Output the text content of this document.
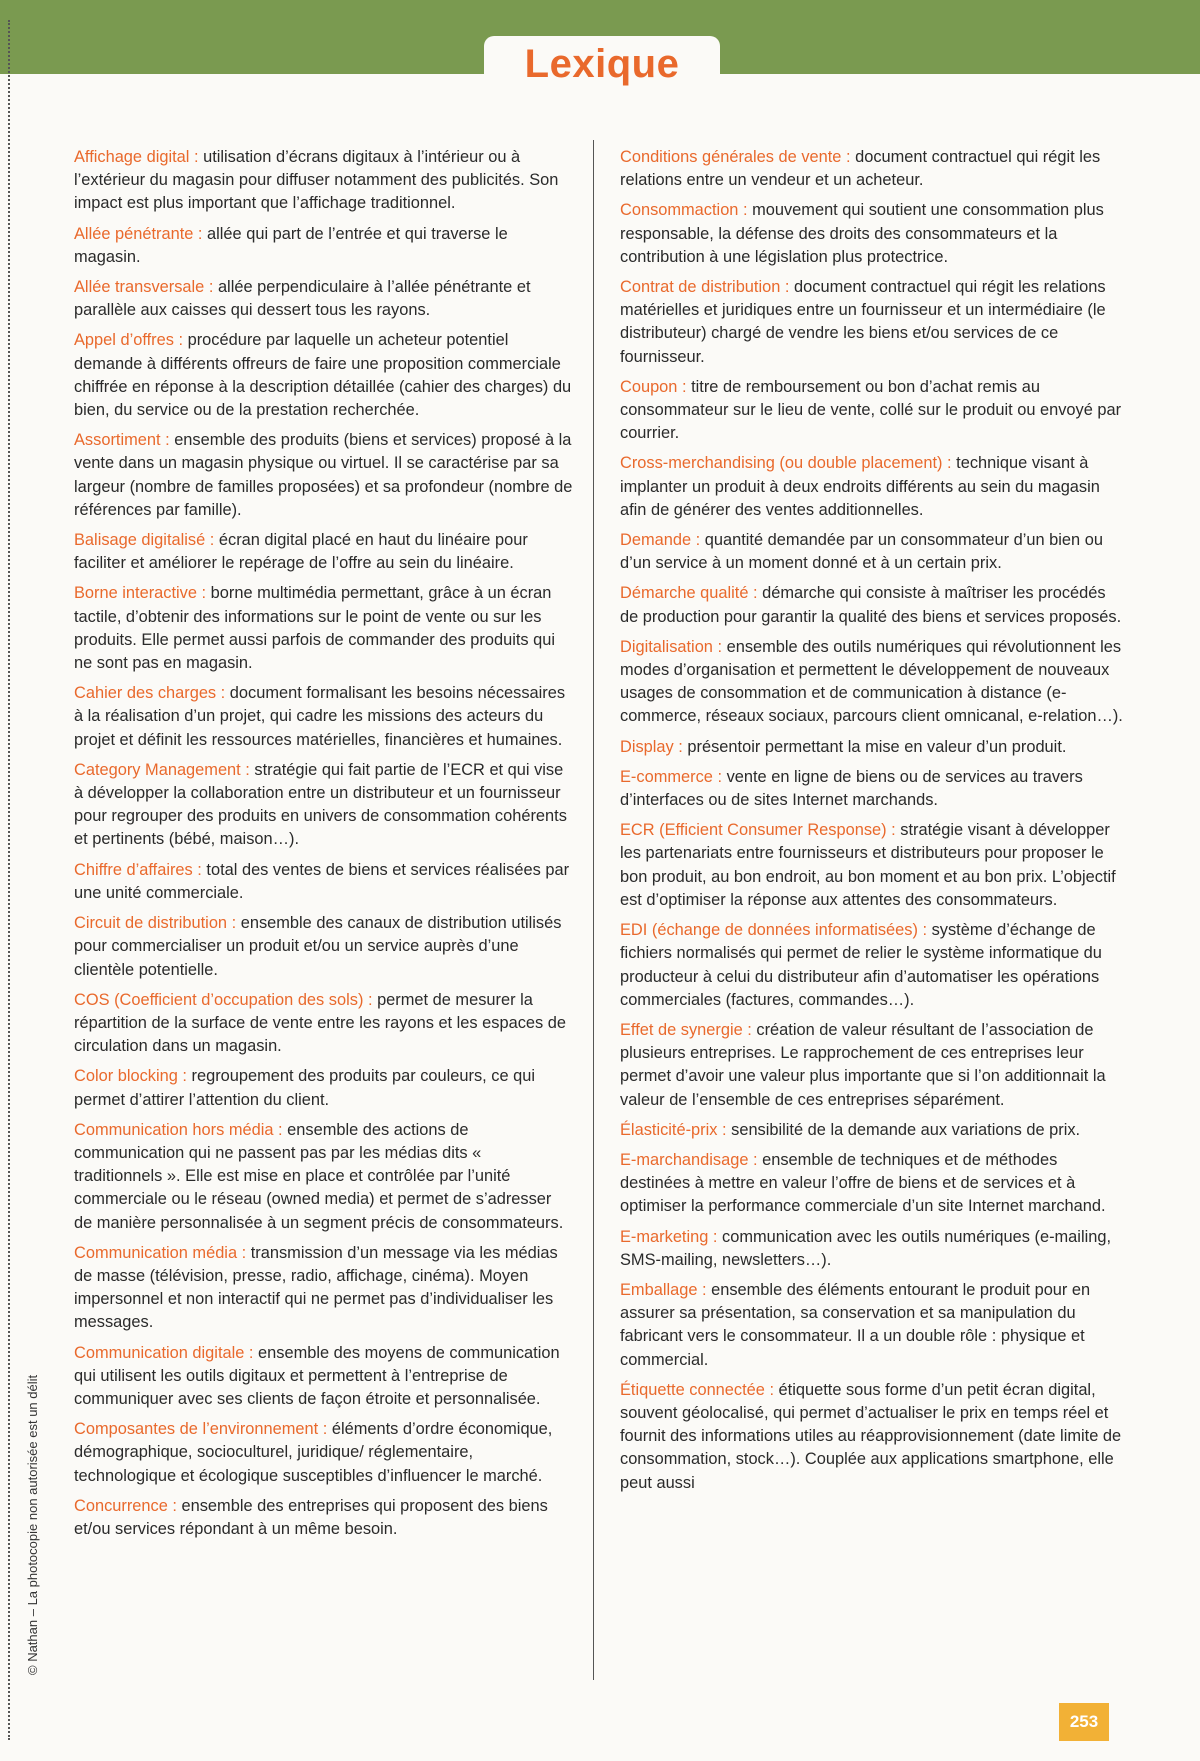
Lexique
© Nathan – La photocopie non autorisée est un délit
Affichage digital : utilisation d’écrans digitaux à l’intérieur ou à l’extérieur du magasin pour diffuser notamment des publicités. Son impact est plus important que l’affichage traditionnel.
Allée pénétrante : allée qui part de l’entrée et qui traverse le magasin.
Allée transversale : allée perpendiculaire à l’allée pénétrante et parallèle aux caisses qui dessert tous les rayons.
Appel d’offres : procédure par laquelle un acheteur potentiel demande à différents offreurs de faire une proposition commerciale chiffrée en réponse à la description détaillée (cahier des charges) du bien, du service ou de la prestation recherchée.
Assortiment : ensemble des produits (biens et services) proposé à la vente dans un magasin physique ou virtuel. Il se caractérise par sa largeur (nombre de familles proposées) et sa profondeur (nombre de références par famille).
Balisage digitalisé : écran digital placé en haut du linéaire pour faciliter et améliorer le repérage de l’offre au sein du linéaire.
Borne interactive : borne multimédia permettant, grâce à un écran tactile, d’obtenir des informations sur le point de vente ou sur les produits. Elle permet aussi parfois de commander des produits qui ne sont pas en magasin.
Cahier des charges : document formalisant les besoins nécessaires à la réalisation d’un projet, qui cadre les missions des acteurs du projet et définit les ressources matérielles, financières et humaines.
Category Management : stratégie qui fait partie de l’ECR et qui vise à développer la collaboration entre un distributeur et un fournisseur pour regrouper des produits en univers de consommation cohérents et pertinents (bébé, maison…).
Chiffre d’affaires : total des ventes de biens et services réalisées par une unité commerciale.
Circuit de distribution : ensemble des canaux de distribution utilisés pour commercialiser un produit et/ou un service auprès d’une clientèle potentielle.
COS (Coefficient d’occupation des sols) : permet de mesurer la répartition de la surface de vente entre les rayons et les espaces de circulation dans un magasin.
Color blocking : regroupement des produits par couleurs, ce qui permet d’attirer l’attention du client.
Communication hors média : ensemble des actions de communication qui ne passent pas par les médias dits « traditionnels ». Elle est mise en place et contrôlée par l’unité commerciale ou le réseau (owned media) et permet de s’adresser de manière personnalisée à un segment précis de consommateurs.
Communication média : transmission d’un message via les médias de masse (télévision, presse, radio, affichage, cinéma). Moyen impersonnel et non interactif qui ne permet pas d’individualiser les messages.
Communication digitale : ensemble des moyens de communication qui utilisent les outils digitaux et permettent à l’entreprise de communiquer avec ses clients de façon étroite et personnalisée.
Composantes de l’environnement : éléments d’ordre économique, démographique, socioculturel, juridique/ réglementaire, technologique et écologique susceptibles d’influencer le marché.
Concurrence : ensemble des entreprises qui proposent des biens et/ou services répondant à un même besoin.
Conditions générales de vente : document contractuel qui régit les relations entre un vendeur et un acheteur.
Consommaction : mouvement qui soutient une consommation plus responsable, la défense des droits des consommateurs et la contribution à une législation plus protectrice.
Contrat de distribution : document contractuel qui régit les relations matérielles et juridiques entre un fournisseur et un intermédiaire (le distributeur) chargé de vendre les biens et/ou services de ce fournisseur.
Coupon : titre de remboursement ou bon d’achat remis au consommateur sur le lieu de vente, collé sur le produit ou envoyé par courrier.
Cross-merchandising (ou double placement) : technique visant à implanter un produit à deux endroits différents au sein du magasin afin de générer des ventes additionnelles.
Demande : quantité demandée par un consommateur d’un bien ou d’un service à un moment donné et à un certain prix.
Démarche qualité : démarche qui consiste à maîtriser les procédés de production pour garantir la qualité des biens et services proposés.
Digitalisation : ensemble des outils numériques qui révolutionnent les modes d’organisation et permettent le développement de nouveaux usages de consommation et de communication à distance (e-commerce, réseaux sociaux, parcours client omnicanal, e-relation…).
Display : présentoir permettant la mise en valeur d’un produit.
E-commerce : vente en ligne de biens ou de services au travers d’interfaces ou de sites Internet marchands.
ECR (Efficient Consumer Response) : stratégie visant à développer les partenariats entre fournisseurs et distributeurs pour proposer le bon produit, au bon endroit, au bon moment et au bon prix. L’objectif est d’optimiser la réponse aux attentes des consommateurs.
EDI (échange de données informatisées) : système d’échange de fichiers normalisés qui permet de relier le système informatique du producteur à celui du distributeur afin d’automatiser les opérations commerciales (factures, commandes…).
Effet de synergie : création de valeur résultant de l’association de plusieurs entreprises. Le rapprochement de ces entreprises leur permet d’avoir une valeur plus importante que si l’on additionnait la valeur de l’ensemble de ces entreprises séparément.
Élasticité-prix : sensibilité de la demande aux variations de prix.
E-marchandisage : ensemble de techniques et de méthodes destinées à mettre en valeur l’offre de biens et de services et à optimiser la performance commerciale d’un site Internet marchand.
E-marketing : communication avec les outils numériques (e-mailing, SMS-mailing, newsletters…).
Emballage : ensemble des éléments entourant le produit pour en assurer sa présentation, sa conservation et sa manipulation du fabricant vers le consommateur. Il a un double rôle : physique et commercial.
Étiquette connectée : étiquette sous forme d’un petit écran digital, souvent géolocalisé, qui permet d’actualiser le prix en temps réel et fournit des informations utiles au réapprovisionnement (date limite de consommation, stock…). Couplée aux applications smartphone, elle peut aussi
253
